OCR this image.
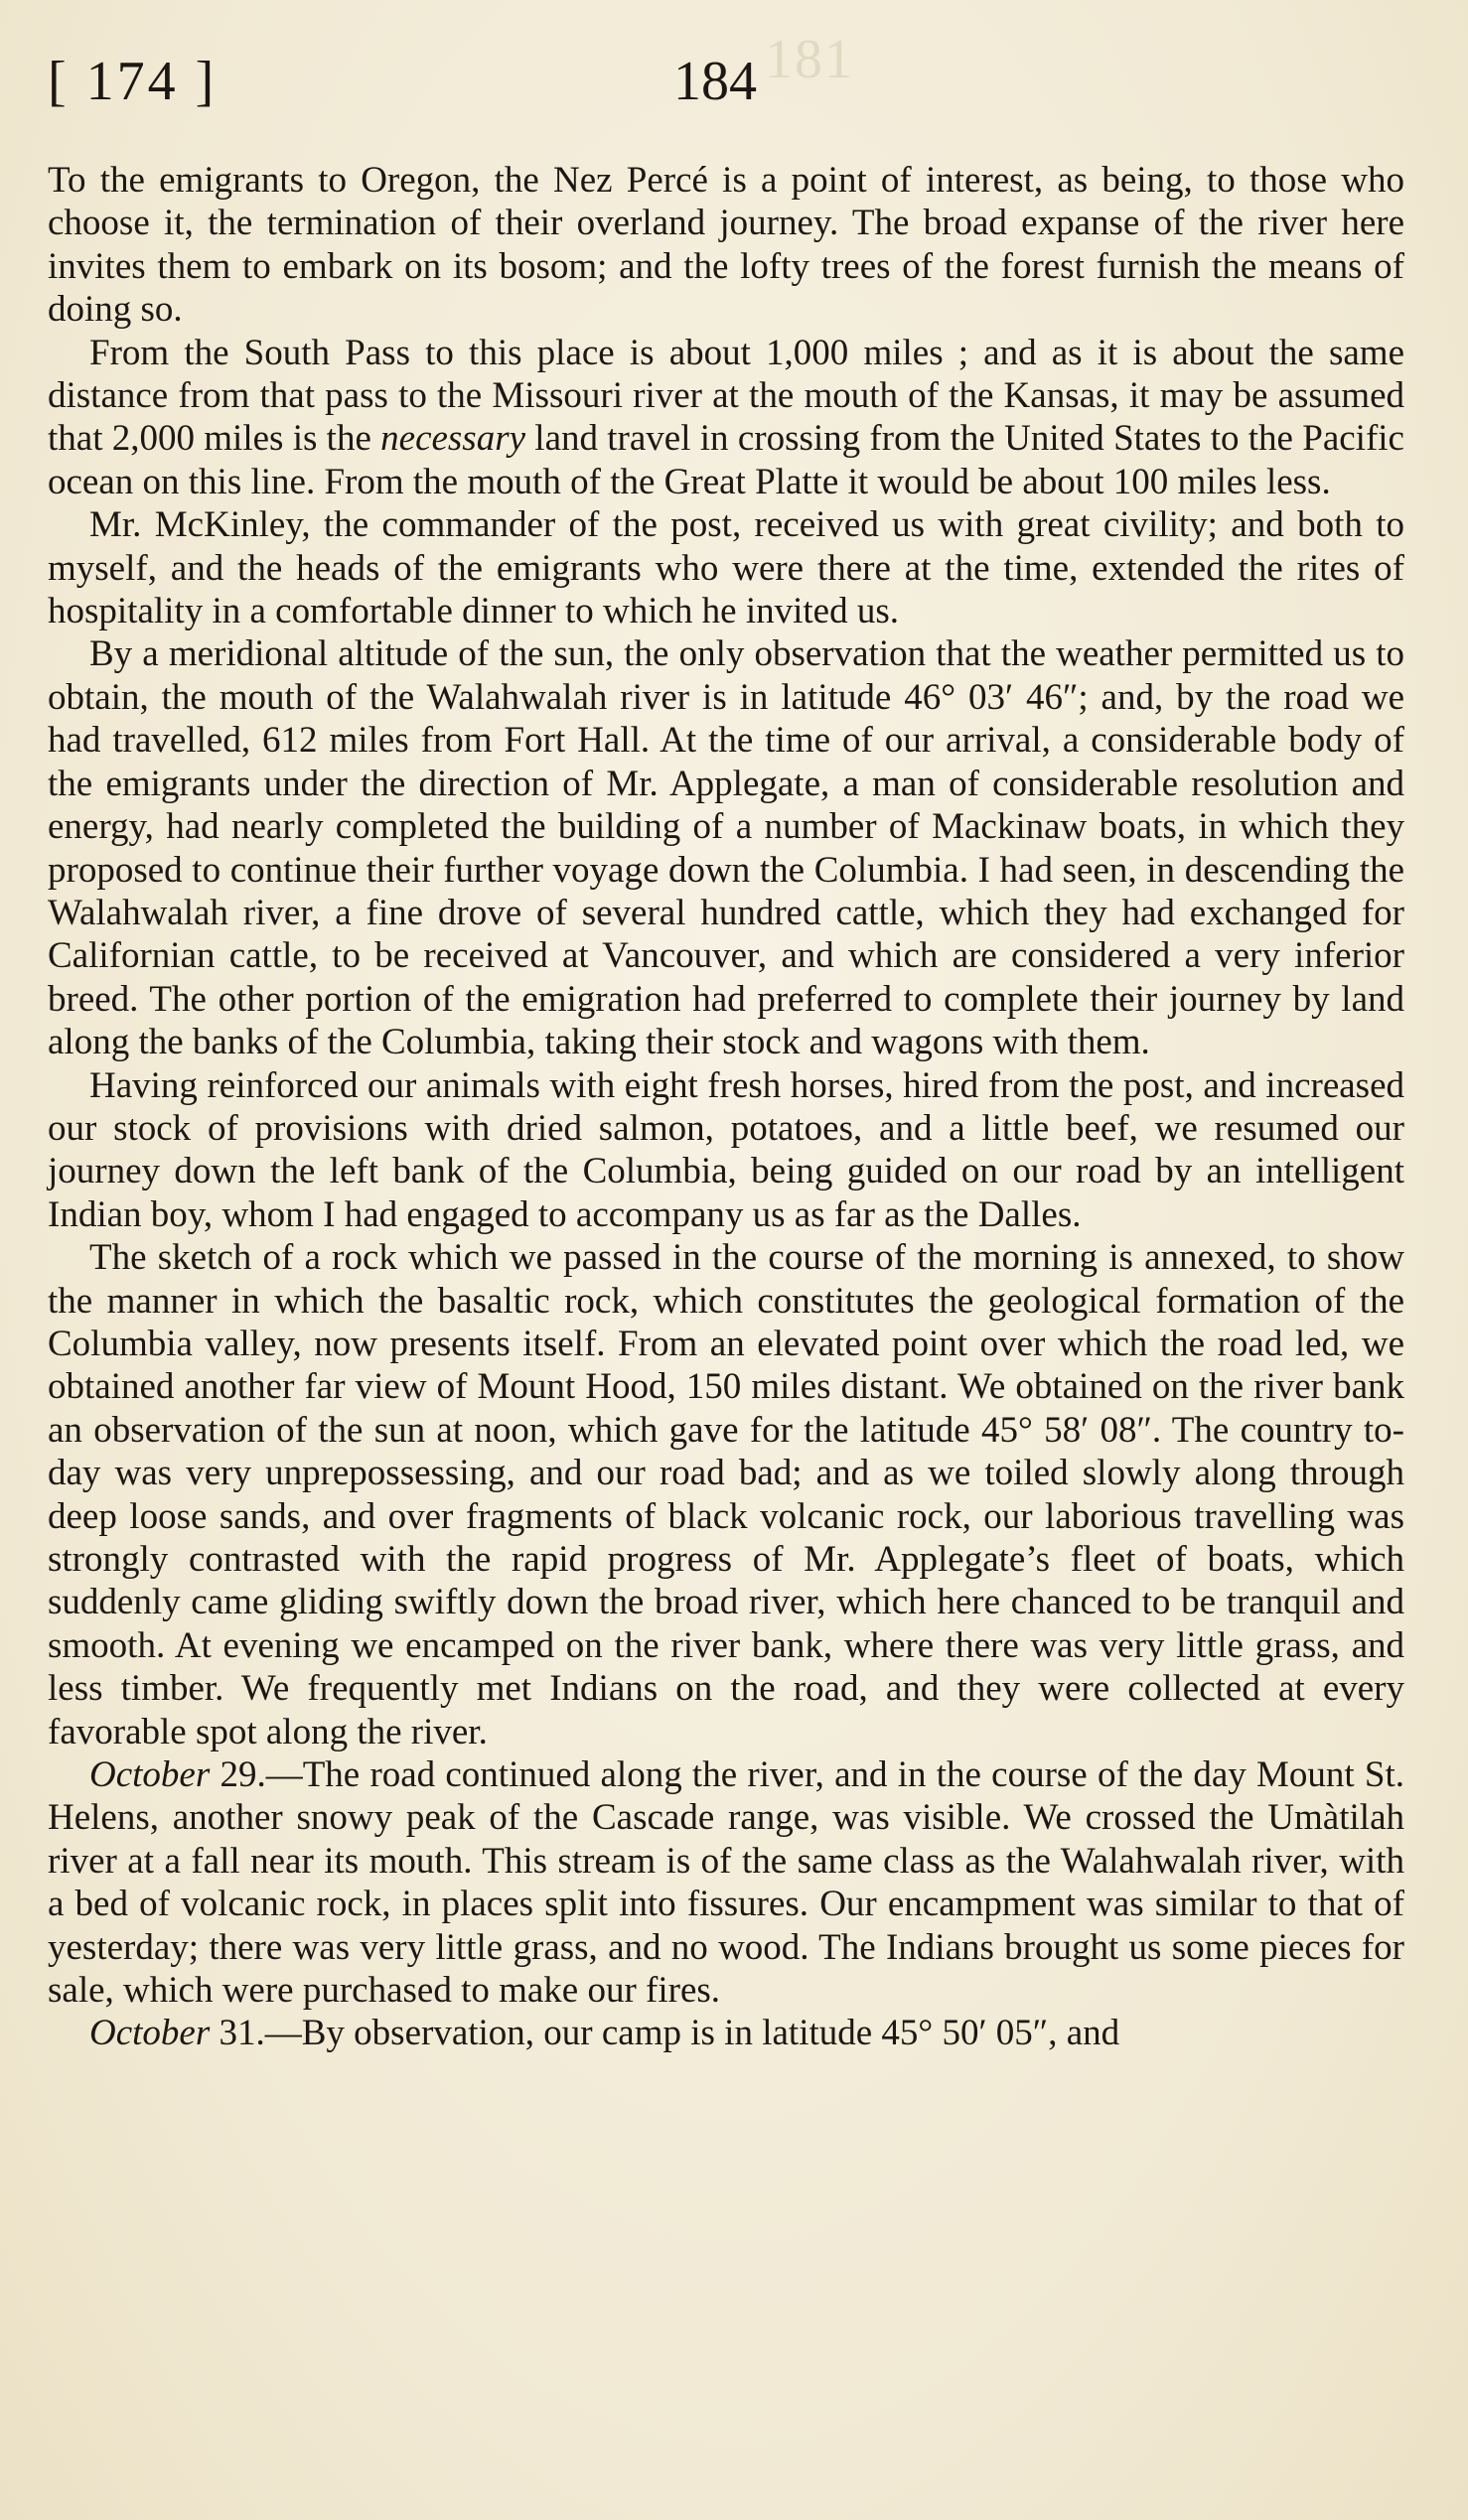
181
[ 174 ]	184

To the emigrants to Oregon, the Nez Percé is a point of interest, as being, to those who choose it, the termination of their overland journey. The broad expanse of the river here invites them to embark on its bosom; and the lofty trees of the forest furnish the means of doing so.

From the South Pass to this place is about 1,000 miles ; and as it is about the same distance from that pass to the Missouri river at the mouth of the Kansas, it may be assumed that 2,000 miles is the necessary land travel in crossing from the United States to the Pacific ocean on this line. From the mouth of the Great Platte it would be about 100 miles less.

Mr. McKinley, the commander of the post, received us with great civility; and both to myself, and the heads of the emigrants who were there at the time, extended the rites of hospitality in a comfortable dinner to which he invited us.

By a meridional altitude of the sun, the only observation that the weather permitted us to obtain, the mouth of the Walahwalah river is in latitude 46° 03′ 46″; and, by the road we had travelled, 612 miles from Fort Hall. At the time of our arrival, a considerable body of the emigrants under the direction of Mr. Applegate, a man of considerable resolution and energy, had nearly completed the building of a number of Mackinaw boats, in which they proposed to continue their further voyage down the Columbia. I had seen, in descending the Walahwalah river, a fine drove of several hundred cattle, which they had exchanged for Californian cattle, to be received at Vancouver, and which are considered a very inferior breed. The other portion of the emigration had preferred to complete their journey by land along the banks of the Columbia, taking their stock and wagons with them.

Having reinforced our animals with eight fresh horses, hired from the post, and increased our stock of provisions with dried salmon, potatoes, and a little beef, we resumed our journey down the left bank of the Columbia, being guided on our road by an intelligent Indian boy, whom I had engaged to accompany us as far as the Dalles.

The sketch of a rock which we passed in the course of the morning is annexed, to show the manner in which the basaltic rock, which constitutes the geological formation of the Columbia valley, now presents itself. From an elevated point over which the road led, we obtained another far view of Mount Hood, 150 miles distant. We obtained on the river bank an observation of the sun at noon, which gave for the latitude 45° 58′ 08″. The country to-day was very unprepossessing, and our road bad; and as we toiled slowly along through deep loose sands, and over fragments of black volcanic rock, our laborious travelling was strongly contrasted with the rapid progress of Mr. Applegate’s fleet of boats, which suddenly came gliding swiftly down the broad river, which here chanced to be tranquil and smooth. At evening we encamped on the river bank, where there was very little grass, and less timber. We frequently met Indians on the road, and they were collected at every favorable spot along the river.

October 29.—The road continued along the river, and in the course of the day Mount St. Helens, another snowy peak of the Cascade range, was visible. We crossed the Umàtilah river at a fall near its mouth. This stream is of the same class as the Walahwalah river, with a bed of volcanic rock, in places split into fissures. Our encampment was similar to that of yesterday; there was very little grass, and no wood. The Indians brought us some pieces for sale, which were purchased to make our fires.

October 31.—By observation, our camp is in latitude 45° 50′ 05″, and
